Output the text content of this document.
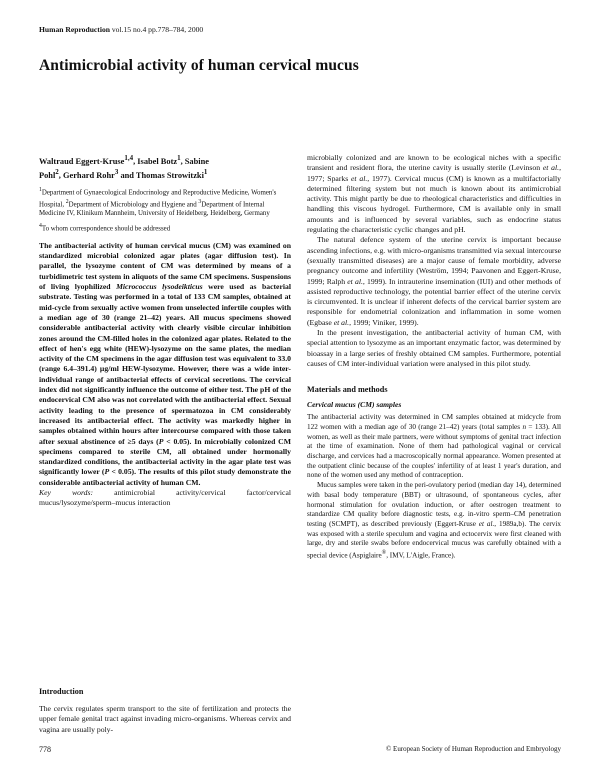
Human Reproduction vol.15 no.4 pp.778–784, 2000
Antimicrobial activity of human cervical mucus
Waltraud Eggert-Kruse$^{1,4}$, Isabel Botz$^1$, Sabine
Pohl$^2$, Gerhard Rohr$^3$ and Thomas Strowitzki$^1$
$^1$Department of Gynaecological Endocrinology and Reproductive Medicine, Women's Hospital, $^2$Department of Microbiology and Hygiene and $^3$Department of Internal Medicine IV, Klinikum Mannheim, University of Heidelberg, Heidelberg, Germany
$^4$To whom correspondence should be addressed
The antibacterial activity of human cervical mucus (CM) was examined on standardized microbial colonized agar plates (agar diffusion test). In parallel, the lysozyme content of CM was determined by means of a turbidimetric test system in aliquots of the same CM specimens. Suspensions of living lyophilized Micrococcus lysodeikticus were used as bacterial substrate. Testing was performed in a total of 133 CM samples, obtained at mid-cycle from sexually active women from unselected infertile couples with a median age of 30 (range 21–42) years. All mucus specimens showed considerable antibacterial activity with clearly visible circular inhibition zones around the CM-filled holes in the colonized agar plates. Related to the effect of hen's egg white (HEW)-lysozyme on the same plates, the median activity of the CM specimens in the agar diffusion test was equivalent to 33.0 (range 6.4–391.4) µg/ml HEW-lysozyme. However, there was a wide inter-individual range of antibacterial effects of cervical secretions. The cervical index did not significantly influence the outcome of either test. The pH of the endocervical CM also was not correlated with the antibacterial effect. Sexual activity leading to the presence of spermatozoa in CM considerably increased its antibacterial effect. The activity was markedly higher in samples obtained within hours after intercourse compared with those taken after sexual abstinence of ≥5 days (P < 0.05). In microbially colonized CM specimens compared to sterile CM, all obtained under hormonally standardized conditions, the antibacterial activity in the agar plate test was significantly lower (P < 0.05). The results of this pilot study demonstrate the considerable antibacterial activity of human CM.
Key words: antimicrobial activity/cervical factor/cervical mucus/lysozyme/sperm–mucus interaction
Introduction

The cervix regulates sperm transport to the site of fertilization and protects the upper female genital tract against invading micro-organisms. Whereas cervix and vagina are usually poly-

microbially colonized and are known to be ecological niches with a specific transient and resident flora, the uterine cavity is usually sterile (Levinson et al., 1977; Sparks et al., 1977). Cervical mucus (CM) is known as a multifactorially determined filtering system but not much is known about its antimicrobial activity. This might partly be due to rheological characteristics and difficulties in handling this viscous hydrogel. Furthermore, CM is available only in small amounts and is influenced by several variables, such as endocrine status regulating the characteristic cyclic changes and pH.

The natural defence system of the uterine cervix is important because ascending infections, e.g. with micro-organisms transmitted via sexual intercourse (sexually transmitted diseases) are a major cause of female morbidity, adverse pregnancy outcome and infertility (Weström, 1994; Paavonen and Eggert-Kruse, 1999; Ralph et al., 1999). In intrauterine insemination (IUI) and other methods of assisted reproductive technology, the potential barrier effect of the uterine cervix is circumvented. It is unclear if inherent defects of the cervical barrier system are responsible for endometrial colonization and inflammation in some women (Egbase et al., 1999; Viniker, 1999).

In the present investigation, the antibacterial activity of human CM, with special attention to lysozyme as an important enzymatic factor, was determined by bioassay in a large series of freshly obtained CM samples. Furthermore, potential causes of CM inter-individual variation were analysed in this pilot study.

Materials and methods
Cervical mucus (CM) samples

The antibacterial activity was determined in CM samples obtained at midcycle from 122 women with a median age of 30 (range 21–42) years (total samples n = 133). All women, as well as their male partners, were without symptoms of genital tract infection at the time of examination. None of them had pathological vaginal or cervical discharge, and cervices had a macroscopically normal appearance. Women presented at the outpatient clinic because of the couples' infertility of at least 1 year's duration, and none of the women used any method of contraception.

Mucus samples were taken in the peri-ovulatory period (median day 14), determined with basal body temperature (BBT) or ultrasound, of spontaneous cycles, after hormonal stimulation for ovulation induction, or after oestrogen treatment to standardize CM quality before diagnostic tests, e.g. in-vitro sperm–CM penetration testing (SCMPT), as described previously (Eggert-Kruse et al., 1989a,b). The cervix was exposed with a sterile speculum and vagina and ectocervix were first cleaned with large, dry and sterile swabs before endocervical mucus was carefully obtained with a special device (Aspiglaire®, IMV, L'Aigle, France).

778	© European Society of Human Reproduction and Embryology
